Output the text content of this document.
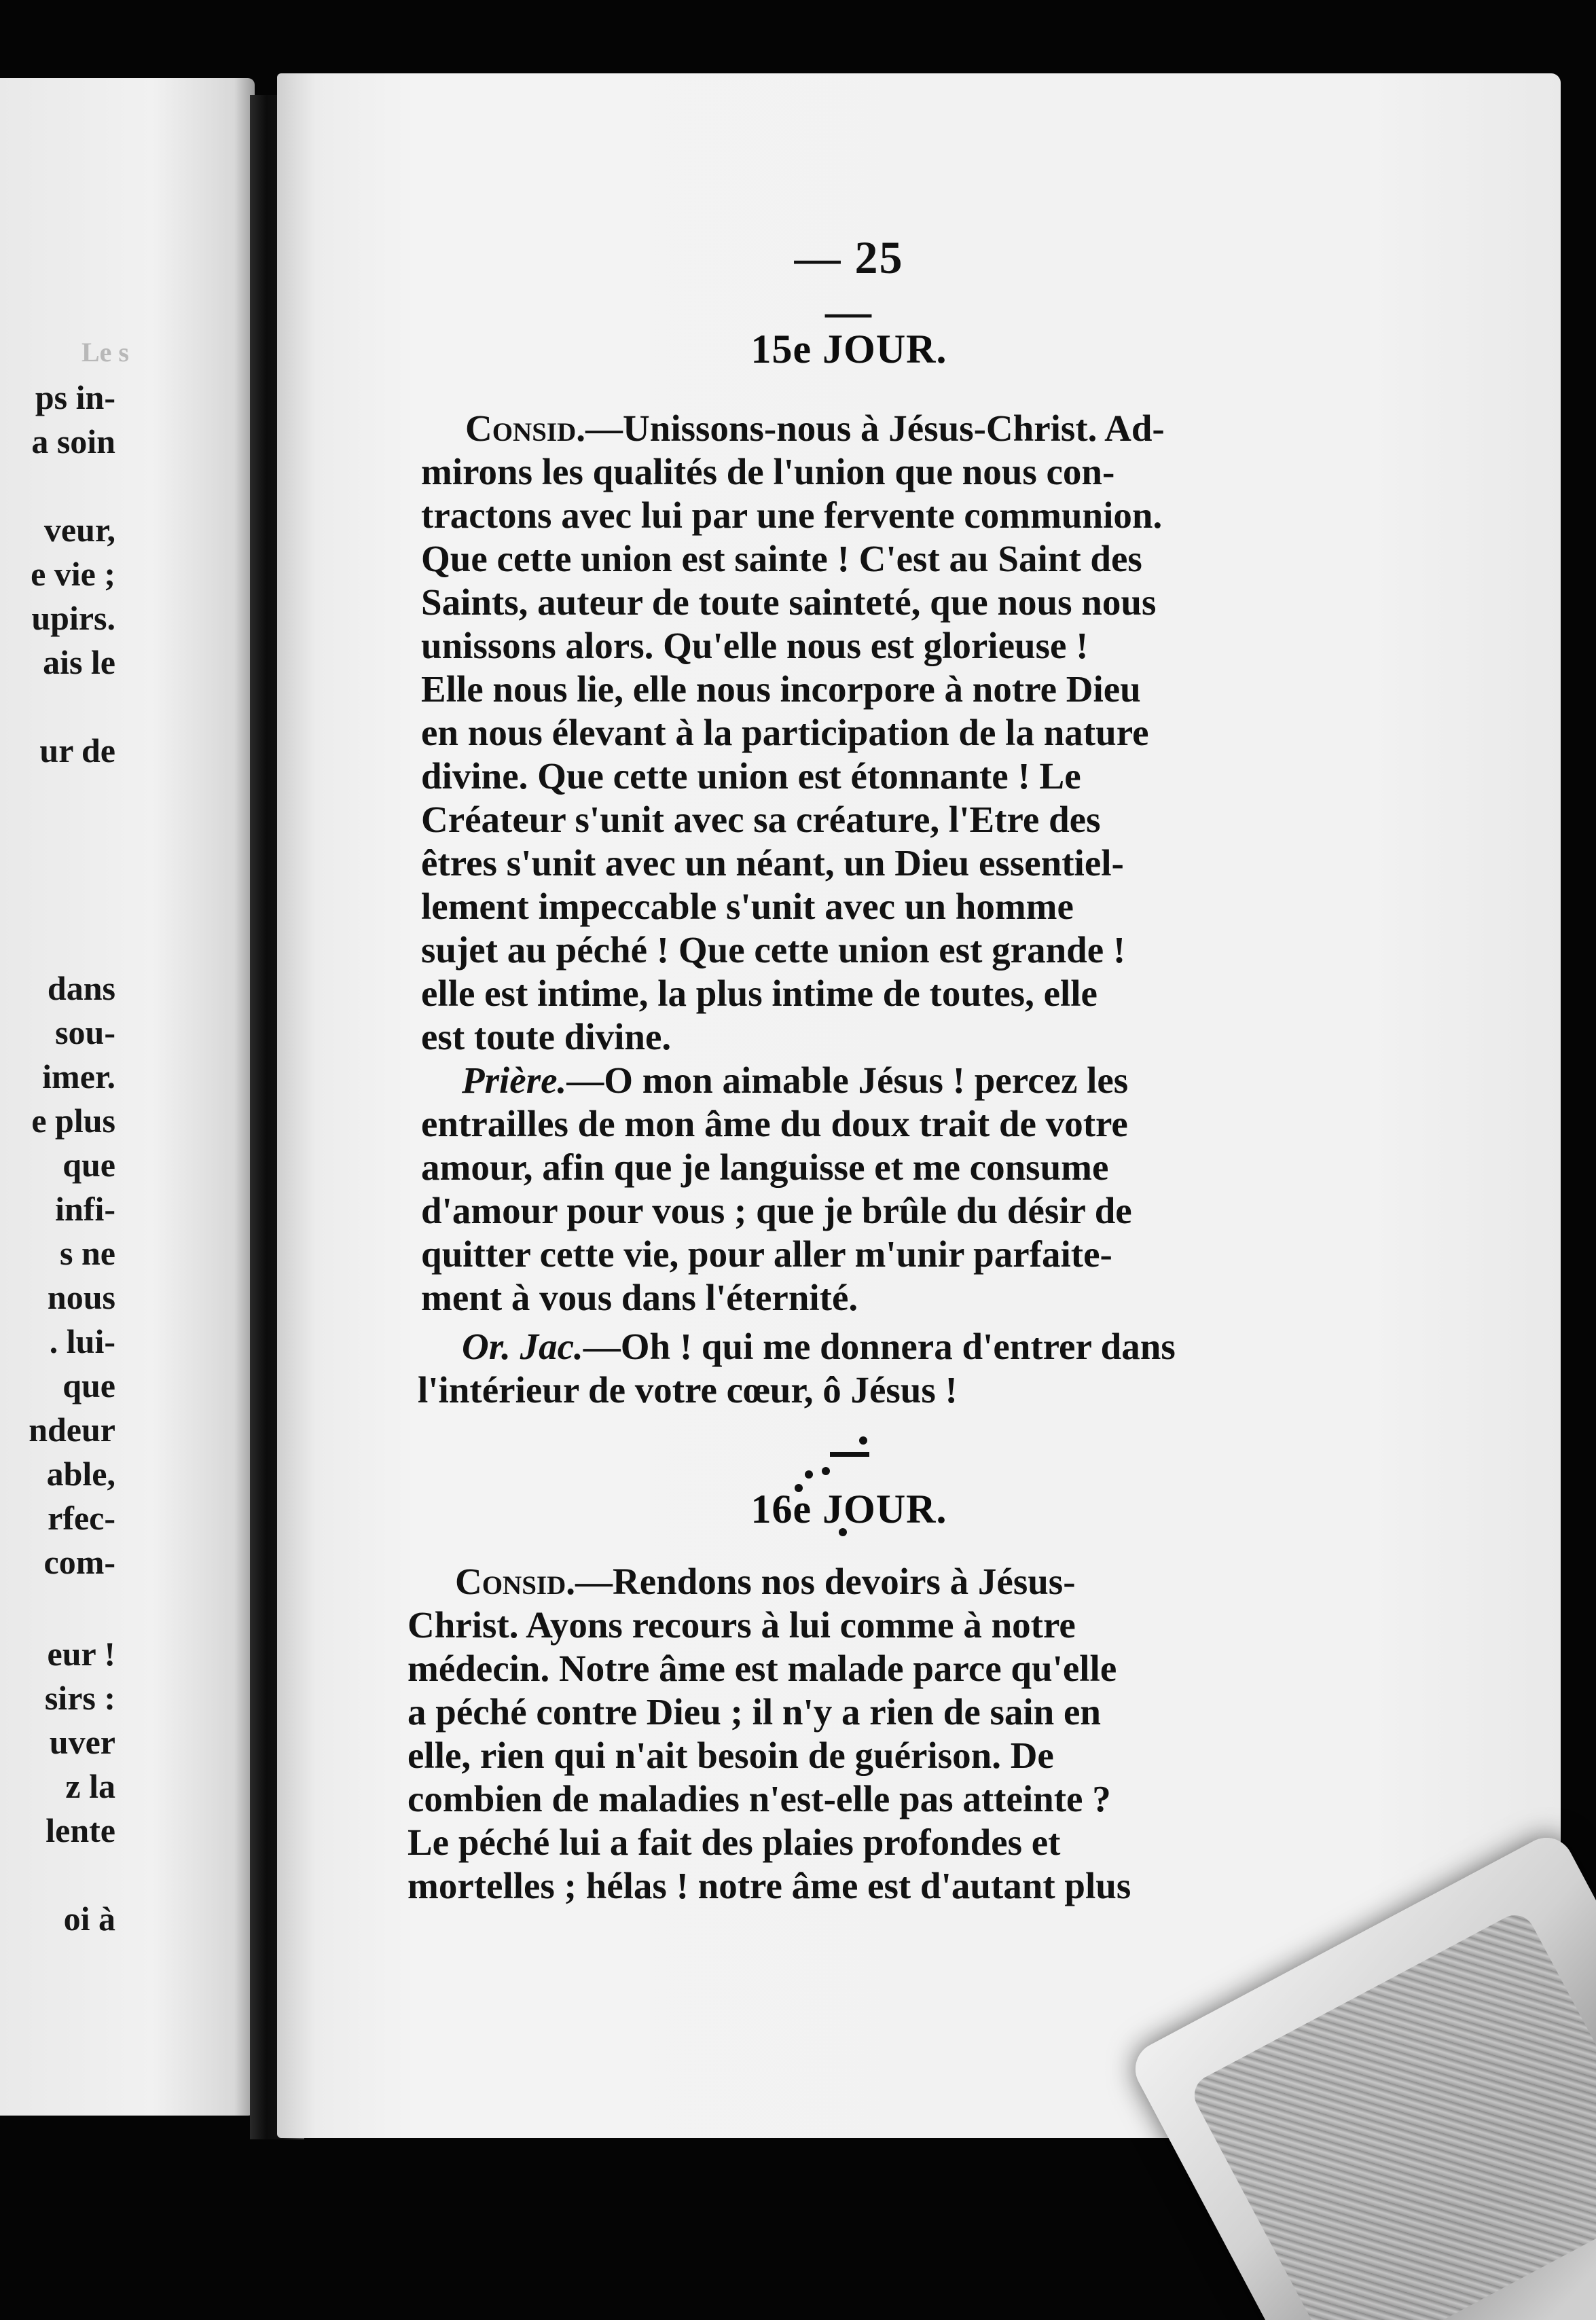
Le s
ps in-
a soin
veur,
e vie ;
upirs.
ais le
ur de
dans
sou-
imer.
e plus
que
infi-
s ne
nous
. lui-
que
ndeur
able,
rfec-
com-
eur !
sirs :
uver
z la
lente
oi à
— 25 —
15e JOUR.
Consid.—Unissons-nous à Jésus-Christ. Ad-
mirons les qualités de l'union que nous con-
tractons avec lui par une fervente communion.
Que cette union est sainte ! C'est au Saint des
Saints, auteur de toute sainteté, que nous nous
unissons alors. Qu'elle nous est glorieuse !
Elle nous lie, elle nous incorpore à notre Dieu
en nous élevant à la participation de la nature
divine. Que cette union est étonnante ! Le
Créateur s'unit avec sa créature, l'Etre des
êtres s'unit avec un néant, un Dieu essentiel-
lement impeccable s'unit avec un homme
sujet au péché ! Que cette union est grande !
elle est intime, la plus intime de toutes, elle
est toute divine.
Prière.—O mon aimable Jésus ! percez les
entrailles de mon âme du doux trait de votre
amour, afin que je languisse et me consume
d'amour pour vous ; que je brûle du désir de
quitter cette vie, pour aller m'unir parfaite-
ment à vous dans l'éternité.
Or. Jac.—Oh ! qui me donnera d'entrer dans
l'intérieur de votre cœur, ô Jésus !
16e JOUR.
Consid.—Rendons nos devoirs à Jésus-
Christ. Ayons recours à lui comme à notre
médecin. Notre âme est malade parce qu'elle
a péché contre Dieu ; il n'y a rien de sain en
elle, rien qui n'ait besoin de guérison. De
combien de maladies n'est-elle pas atteinte ?
Le péché lui a fait des plaies profondes et
mortelles ; hélas ! notre âme est d'autant plus
